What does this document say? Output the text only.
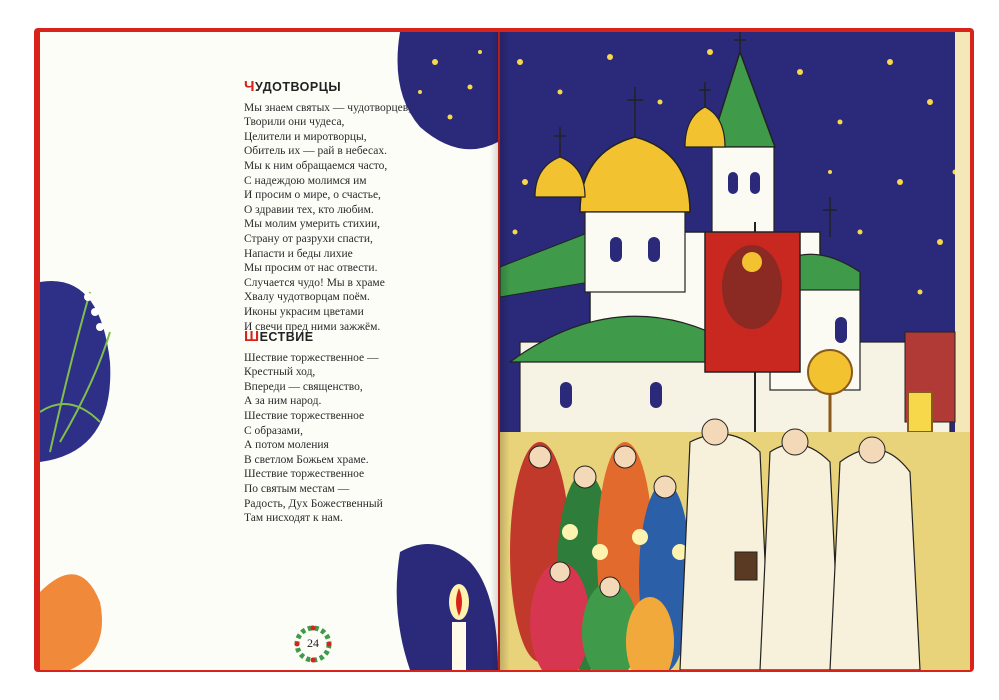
ЧУДОТВОРЦЫ
Мы знаем святых — чудотворцев,
Творили они чудеса,
Целители и миротворцы,
Обитель их — рай в небесах.
Мы к ним обращаемся часто,
С надеждою молимся им
И просим о мире, о счастье,
О здравии тех, кто любим.
Мы молим умерить стихии,
Страну от разрухи спасти,
Напасти и беды лихие
Мы просим от нас отвести.
Случается чудо! Мы в храме
Хвалу чудотворцам поём.
Иконы украсим цветами
И свечи пред ними зажжём.
ШЕСТВИЕ
Шествие торжественное —
Крестный ход,
Впереди — священство,
А за ним народ.
Шествие торжественное
С образами,
А потом моления
В светлом Божьем храме.
Шествие торжественное
По святым местам —
Радость, Дух Божественный
Там нисходят к нам.
24
